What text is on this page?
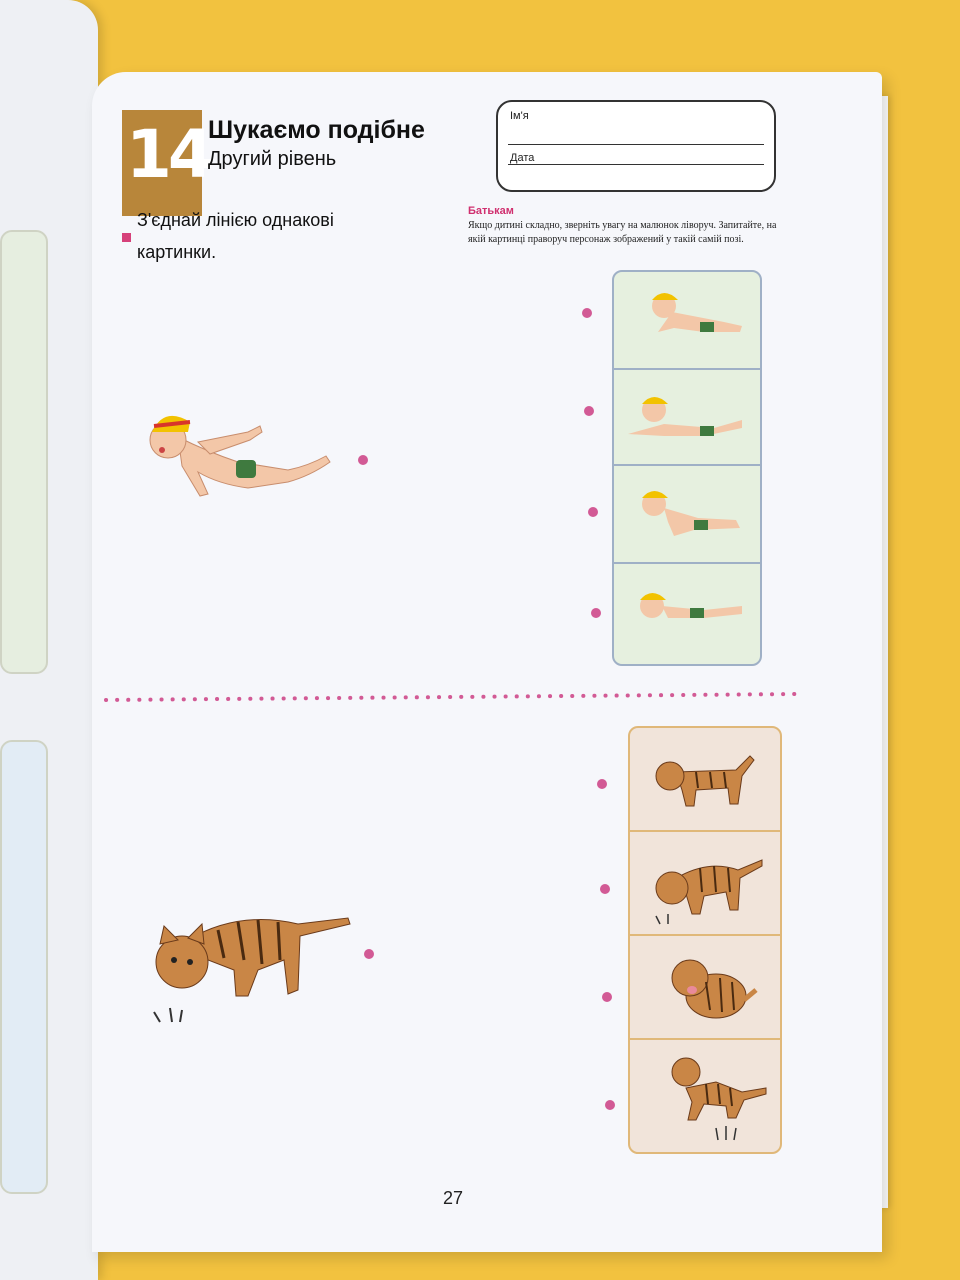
14
Шукаємо подібне
Другий рівень
З'єднай лінією однакові картинки.
Ім'я
Дата
Батькам
Якщо дитині складно, зверніть увагу на малюнок ліворуч. Запитайте, на якій картинці праворуч персонаж зображений у такій самій позі.
27
